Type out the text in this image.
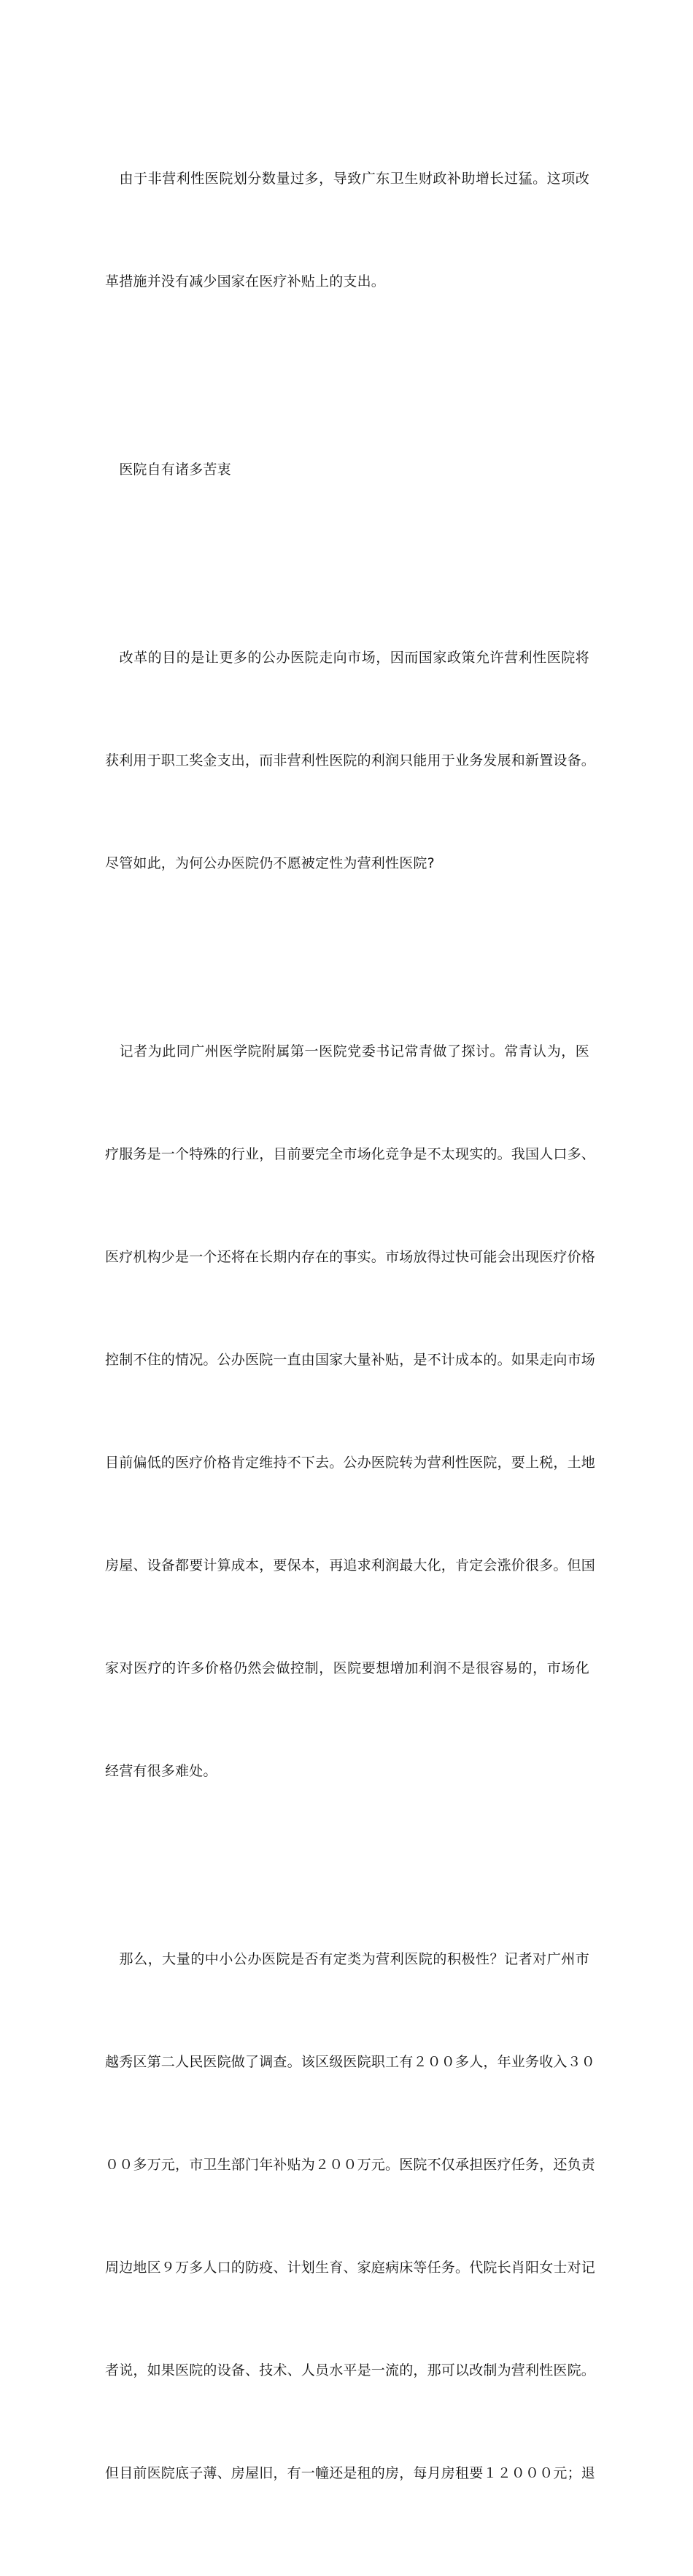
　由于非营利性医院划分数量过多，导致广东卫生财政补助增长过猛。这项改

革措施并没有减少国家在医疗补贴上的支出。

　医院自有诸多苦衷

　改革的目的是让更多的公办医院走向市场，因而国家政策允许营利性医院将

获利用于职工奖金支出，而非营利性医院的利润只能用于业务发展和新置设备。

尽管如此，为何公办医院仍不愿被定性为营利性医院?

　记者为此同广州医学院附属第一医院党委书记常青做了探讨。常青认为，医

疗服务是一个特殊的行业，目前要完全市场化竞争是不太现实的。我国人口多、

医疗机构少是一个还将在长期内存在的事实。市场放得过快可能会出现医疗价格

控制不住的情况。公办医院一直由国家大量补贴，是不计成本的。如果走向市场

目前偏低的医疗价格肯定维持不下去。公办医院转为营利性医院，要上税，土地

房屋、设备都要计算成本，要保本，再追求利润最大化，肯定会涨价很多。但国

家对医疗的许多价格仍然会做控制，医院要想增加利润不是很容易的，市场化

经营有很多难处。

　那么，大量的中小公办医院是否有定类为营利医院的积极性？记者对广州市

越秀区第二人民医院做了调查。该区级医院职工有２００多人，年业务收入３０

００多万元，市卫生部门年补贴为２００万元。医院不仅承担医疗任务，还负责

周边地区９万多人口的防疫、计划生育、家庭病床等任务。代院长肖阳女士对记

者说，如果医院的设备、技术、人员水平是一流的，那可以改制为营利性医院。

但目前医院底子薄、房屋旧，有一幢还是租的房，每月房租要１２０００元；退
